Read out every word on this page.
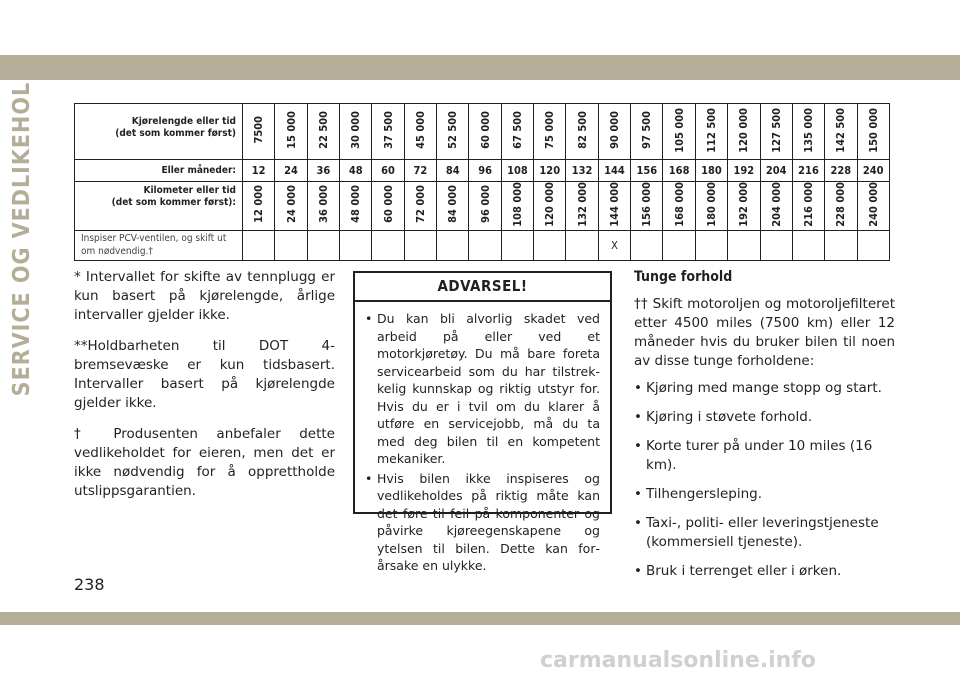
SERVICE OG VEDLIKEHOLD	Kjørelengde eller tid
(det som kommer først)	7500	15 000	22 500	30 000	37 500	45 000	52 500	60 000	67 500	75 000	82 500	90 000	97 500	105 000	112 500	120 000	127 500	135 000	142 500	150 000
Eller måneder:	12	24	36	48	60	72	84	96	108	120	132	144	156	168	180	192	204	216	228	240
Kilometer eller tid
(det som kommer først):	12 000	24 000	36 000	48 000	60 000	72 000	84 000	96 000	108 000	120 000	132 000	144 000	156 000	168 000	180 000	192 000	204 000	216 000	228 000	240 000
Inspiser PCV-ventilen, og skift ut om nødvendig.†												X								

* Intervallet for skifte av tennplugg er kun basert på kjørelengde, årlige intervaller gjelder ikke.

**Holdbarheten til DOT 4-bremsevæske er kun tidsbasert. Intervaller basert på kjørelengde gjelder ikke.

† Produsenten anbefaler dette vedlikeholdet for eieren, men det er ikke nødvendig for å opprettholde utslippsgarantien.

ADVARSEL!
• Du kan bli alvorlig skadet ved arbeid på eller ved et motorkjøretøy. Du må bare foreta servicearbeid som du har tilstrekkelig kunnskap og riktig utstyr for. Hvis du er i tvil om du klarer å utføre en servicejobb, må du ta med deg bilen til en kompetent mekaniker.
• Hvis bilen ikke inspiseres og vedlikeholdes på riktig måte kan det føre til feil på komponenter og påvirke kjøreegenskapene og ytelsen til bilen. Dette kan forårsake en ulykke.
Tunge forhold

†† Skift motoroljen og motoroljefilteret etter 4500 miles (7500 km) eller 12 måneder hvis du bruker bilen til noen av disse tunge forholdene:

• Kjøring med mange stopp og start.
• Kjøring i støvete forhold.
• Korte turer på under 10 miles (16 km).
• Tilhengersleping.
• Taxi-, politi- eller leveringstjeneste (kommersiell tjeneste).
• Bruk i terrenget eller i ørken.
238
carmanualsonline.info
